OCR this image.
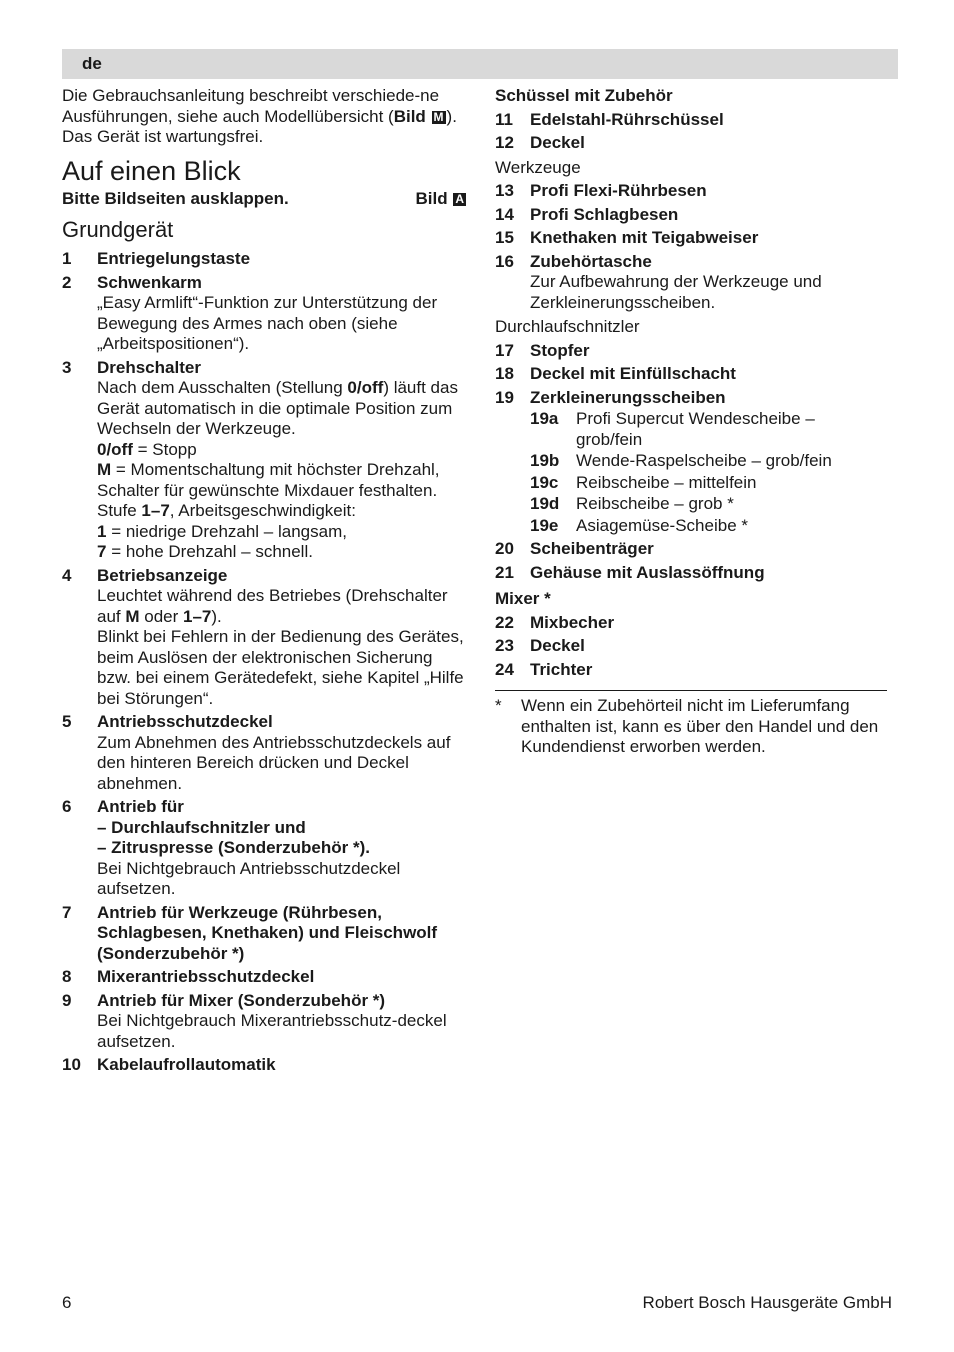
de

Die Gebrauchsanleitung beschreibt verschiede-ne Ausführungen, siehe auch Modellübersicht (Bild M ). Das Gerät ist wartungsfrei.

Auf einen Blick
Bitte Bildseiten ausklappen.	Bild A
Grundgerät
1	Entriegelungstaste
2	Schwenkarm
„Easy Armlift“-Funktion zur Unterstützung der Bewegung des Armes nach oben (siehe „Arbeitspositionen“).
3	Drehschalter
Nach dem Ausschalten (Stellung 0/off) läuft das Gerät automatisch in die optimale Position zum Wechseln der Werkzeuge.
0/off = Stopp
M = Momentschaltung mit höchster Drehzahl, Schalter für gewünschte Mixdauer festhalten.
Stufe 1–7, Arbeitsgeschwindigkeit:
1 = niedrige Drehzahl – langsam,
7 = hohe Drehzahl – schnell.
4	Betriebsanzeige
Leuchtet während des Betriebes (Drehschalter auf M oder 1–7).
Blinkt bei Fehlern in der Bedienung des Gerätes, beim Auslösen der elektronischen Sicherung bzw. bei einem Gerätedefekt, siehe Kapitel „Hilfe bei Störungen“.
5	Antriebsschutzdeckel
Zum Abnehmen des Antriebsschutzdeckels auf den hinteren Bereich drücken und Deckel abnehmen.
6	Antrieb für
– Durchlaufschnitzler und
– Zitruspresse (Sonderzubehör *).
Bei Nichtgebrauch Antriebsschutzdeckel aufsetzen.
7	Antrieb für Werkzeuge (Rührbesen, Schlagbesen, Knethaken) und Fleischwolf (Sonderzubehör *)
8	Mixerantriebsschutzdeckel
9	Antrieb für Mixer (Sonderzubehör *)
Bei Nichtgebrauch Mixerantriebsschutz-deckel aufsetzen.
10 Kabelaufrollautomatik
Schüssel mit Zubehör
11	Edelstahl-Rührschüssel
12 Deckel
Werkzeuge
13 Profi Flexi-Rührbesen
14 Profi Schlagbesen
15 Knethaken mit Teigabweiser
16 Zubehörtasche
Zur Aufbewahrung der Werkzeuge und Zerkleinerungsscheiben.
Durchlaufschnitzler
17 Stopfer
18 Deckel mit Einfüllschacht
19 Zerkleinerungsscheiben
19a	Profi Supercut Wendescheibe – grob/fein
19b Wende-Raspelscheibe – grob/fein
19c	Reibscheibe – mittelfein
19d Reibscheibe – grob *
19e	Asiagemüse-Scheibe *
20 Scheibenträger
21 Gehäuse mit Auslassöffnung
Mixer *
22 Mixbecher
23 Deckel
24 Trichter
*	Wenn ein Zubehörteil nicht im Lieferumfang enthalten ist, kann es über den Handel und den Kundendienst erworben werden.
6	Robert Bosch Hausgeräte GmbH
